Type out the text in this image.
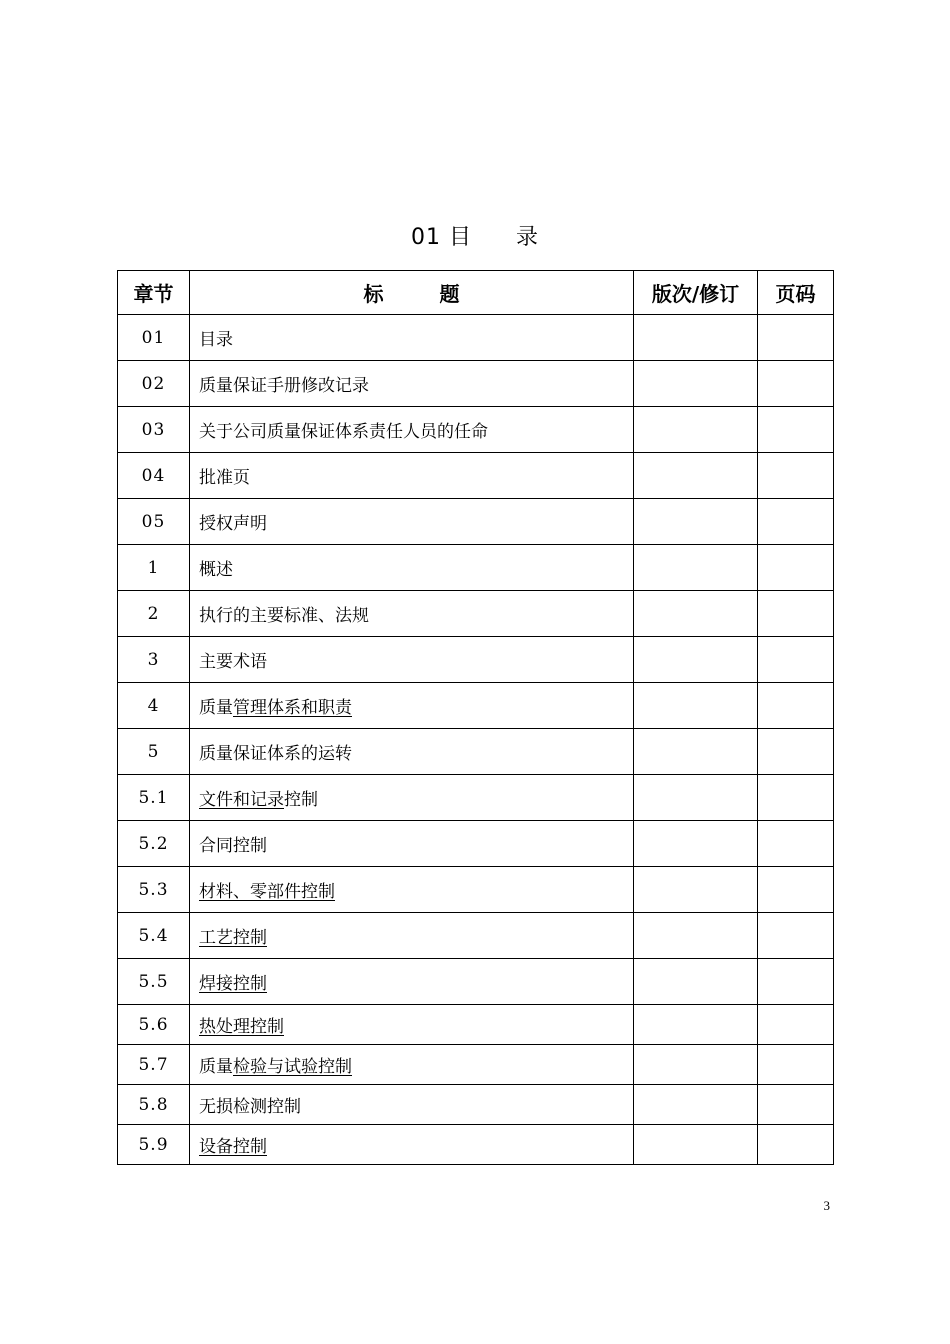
01 目 录
章节	标 题	版次/修订	页码
01	目录		
02	质量保证手册修改记录		
03	关于公司质量保证体系责任人员的任命		
04	批准页		
05	授权声明		
1	概述		
2	执行的主要标准、法规		
3	主要术语		
4	质量管理体系和职责		
5	质量保证体系的运转		
5.1	文件和记录控制		
5.2	合同控制		
5.3	材料、零部件控制		
5.4	工艺控制		
5.5	焊接控制		
5.6	热处理控制		
5.7	质量检验与试验控制		
5.8	无损检测控制		
5.9	设备控制		
3
